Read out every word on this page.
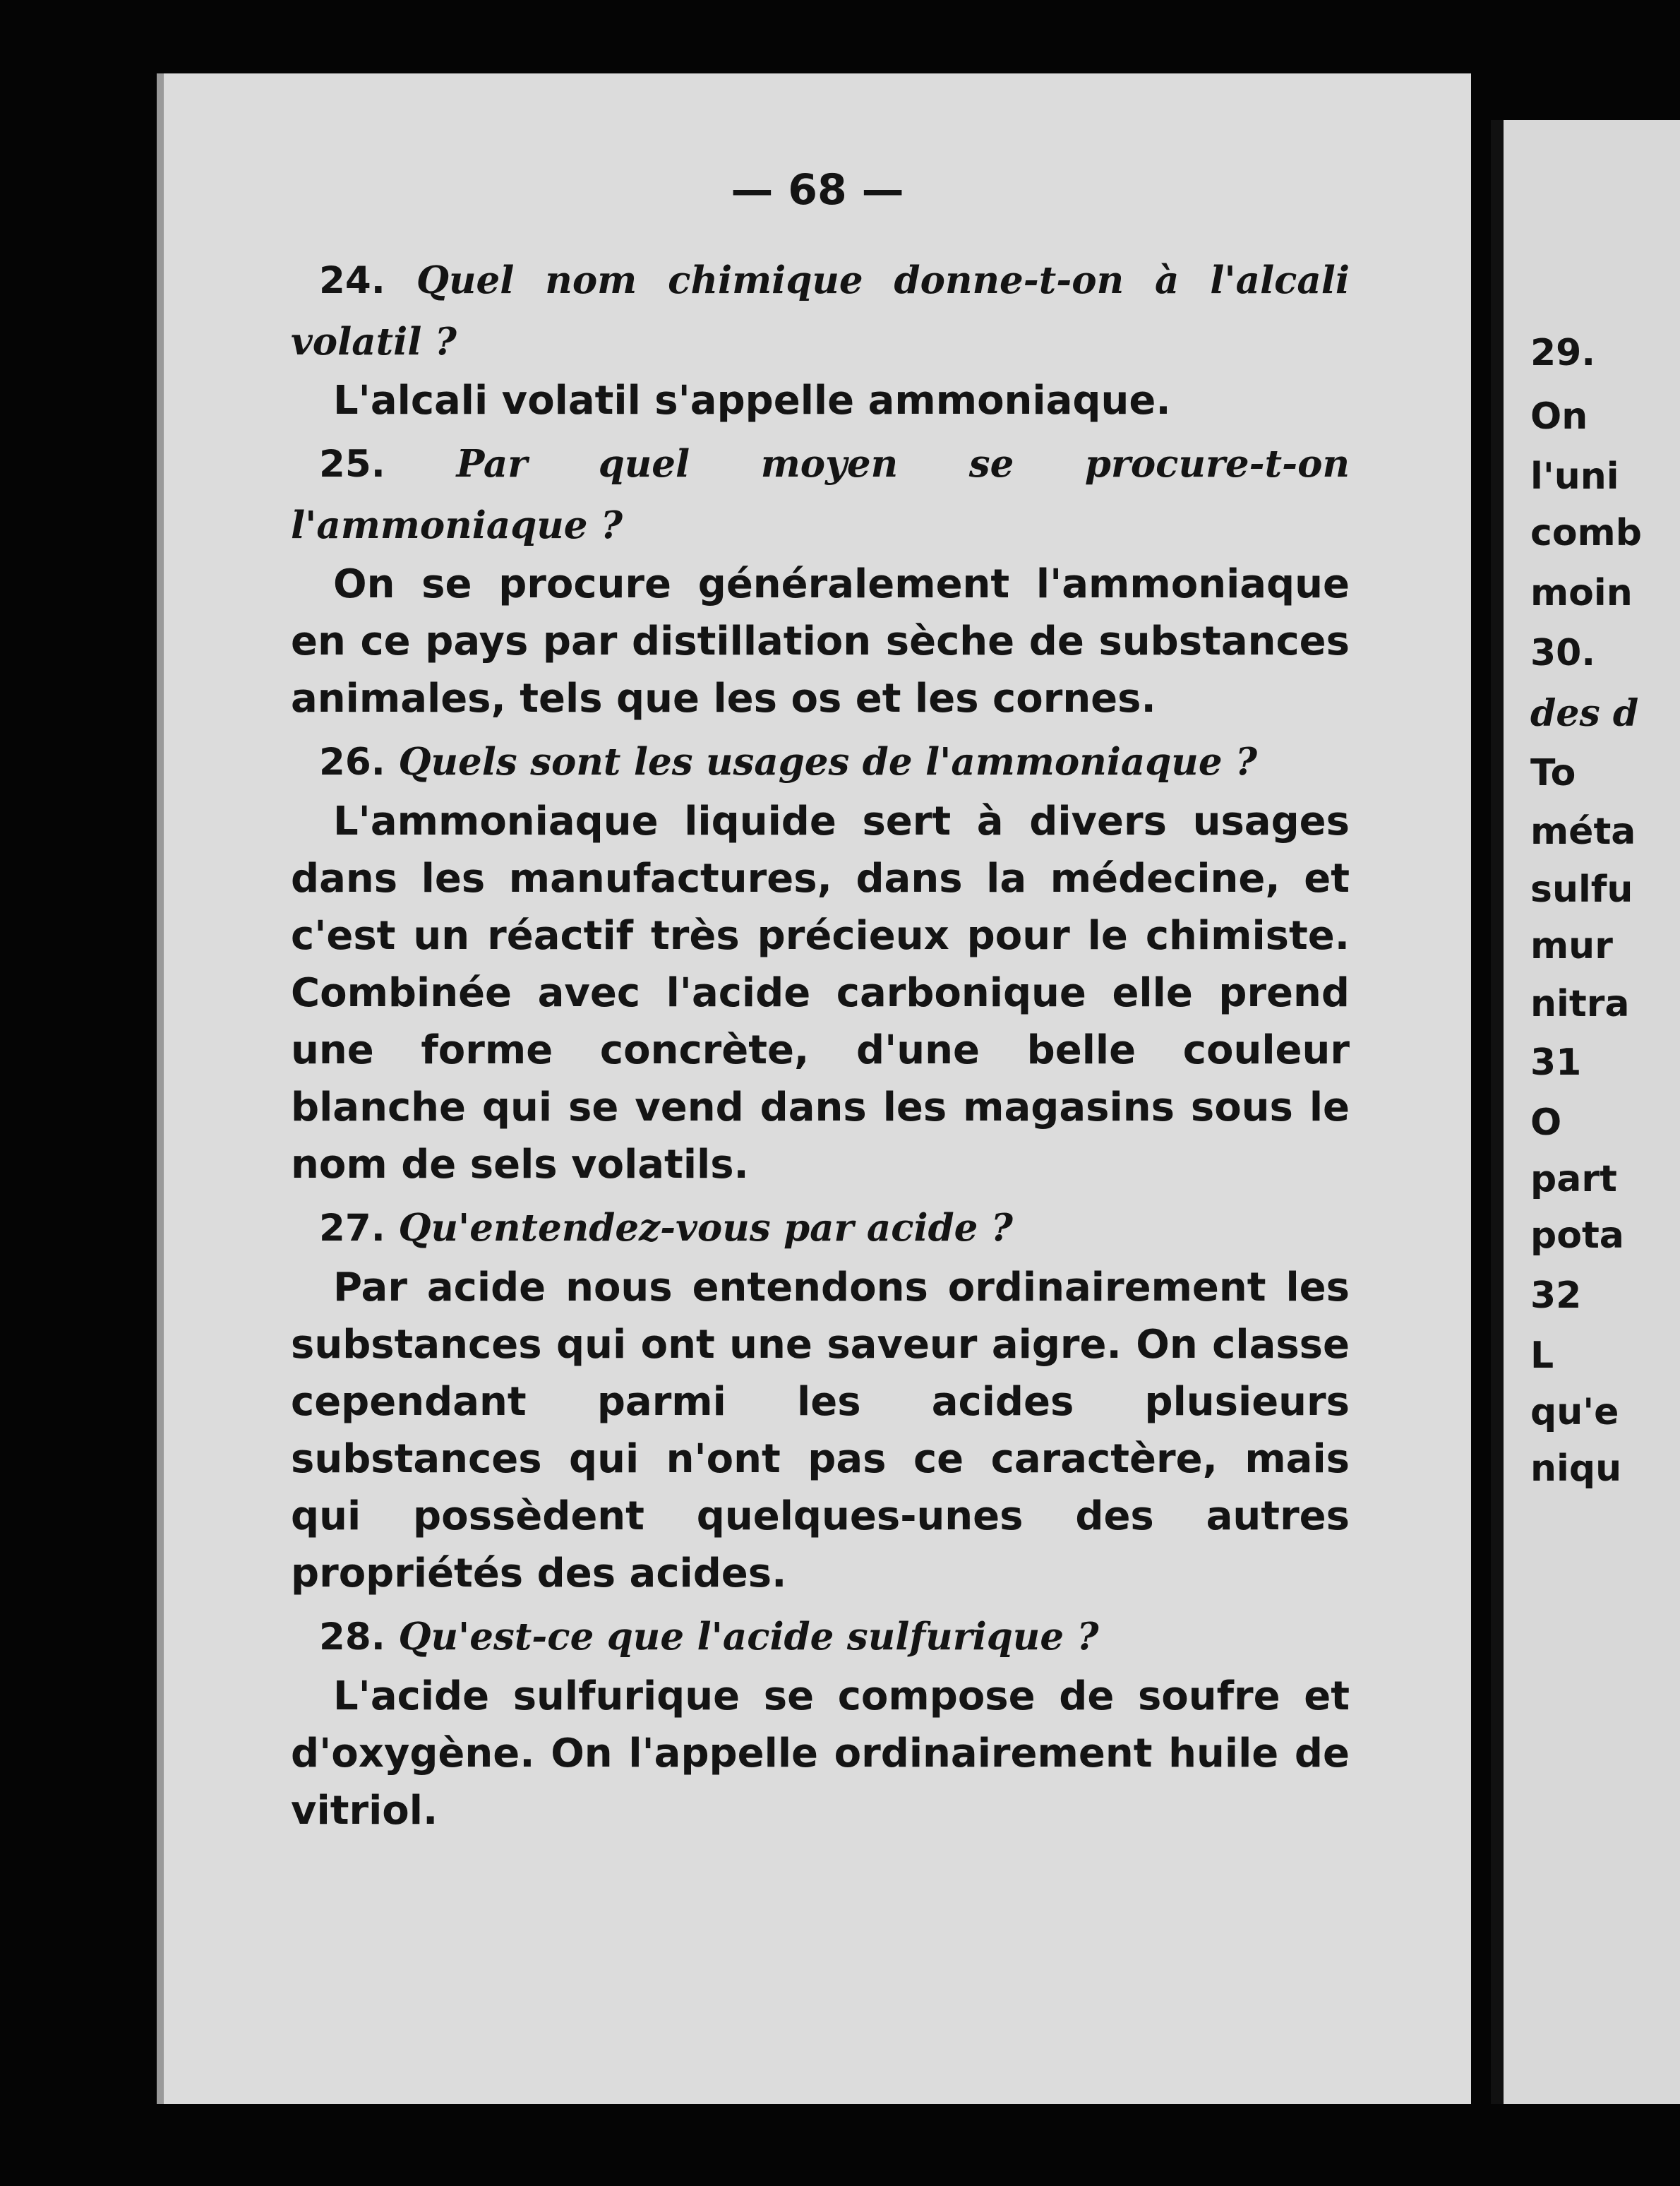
— 68 —

24. Quel nom chimique donne-t-on à l'alcali volatil ?

L'alcali volatil s'appelle ammoniaque.

25. Par quel moyen se procure-t-on l'ammoniaque ?

On se procure généralement l'ammoniaque en ce pays par distillation sèche de substances animales, tels que les os et les cornes.

26. Quels sont les usages de l'ammoniaque ?

L'ammoniaque liquide sert à divers usages dans les manufactures, dans la médecine, et c'est un réactif très précieux pour le chimiste. Combinée avec l'acide carbonique elle prend une forme concrète, d'une belle couleur blanche qui se vend dans les magasins sous le nom de sels volatils.

27. Qu'entendez-vous par acide ?

Par acide nous entendons ordinairement les substances qui ont une saveur aigre. On classe cependant parmi les acides plusieurs substances qui n'ont pas ce caractère, mais qui possèdent quelques-unes des autres propriétés des acides.

28. Qu'est-ce que l'acide sulfurique ?

L'acide sulfurique se compose de soufre et d'oxygène. On l'appelle ordinairement huile de vitriol.

29.
On
l'uni
comb
moin
30.
des d
To
méta
sulfu
mur
nitra
31
O
part
pota
32
L
qu'e
niqu
